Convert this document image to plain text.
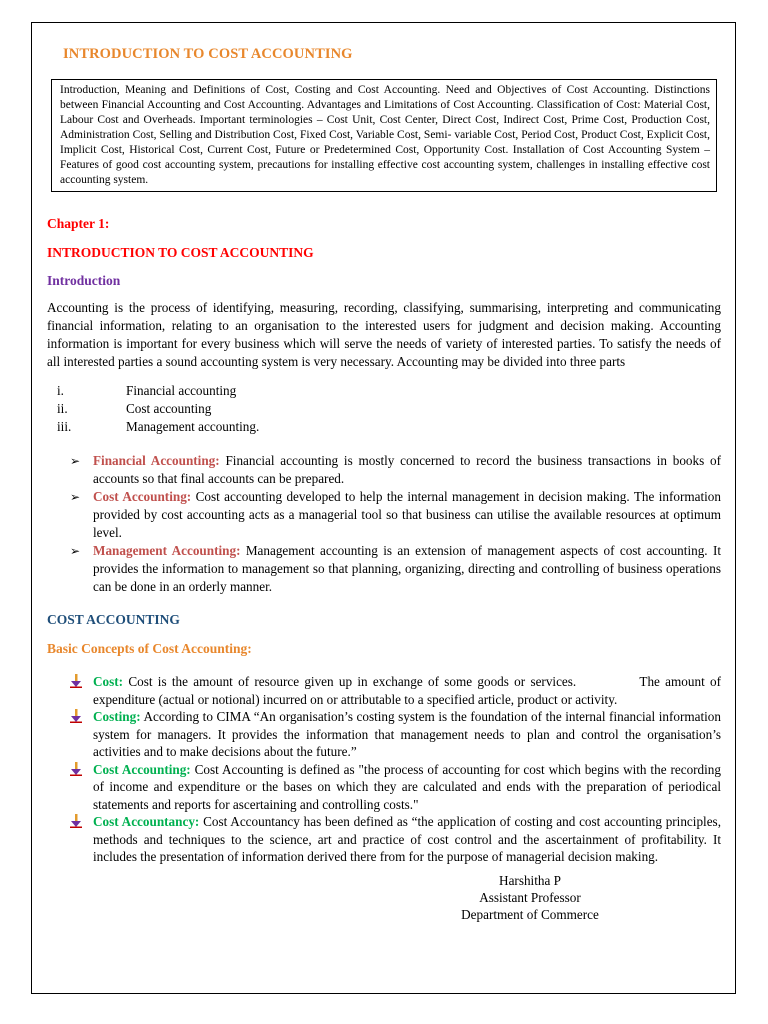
INTRODUCTION TO COST ACCOUNTING
Introduction, Meaning and Definitions of Cost, Costing and Cost Accounting. Need and Objectives of Cost Accounting. Distinctions between Financial Accounting and Cost Accounting. Advantages and Limitations of Cost Accounting. Classification of Cost: Material Cost, Labour Cost and Overheads. Important terminologies – Cost Unit, Cost Center, Direct Cost, Indirect Cost, Prime Cost, Production Cost, Administration Cost, Selling and Distribution Cost, Fixed Cost, Variable Cost, Semi- variable Cost, Period Cost, Product Cost, Explicit Cost, Implicit Cost, Historical Cost, Current Cost, Future or Predetermined Cost, Opportunity Cost. Installation of Cost Accounting System – Features of good cost accounting system, precautions for installing effective cost accounting system, challenges in installing effective cost accounting system.
Chapter 1:
INTRODUCTION TO COST ACCOUNTING
Introduction
Accounting is the process of identifying, measuring, recording, classifying, summarising, interpreting and communicating financial information, relating to an organisation to the interested users for judgment and decision making. Accounting information is important for every business which will serve the needs of variety of interested parties. To satisfy the needs of all interested parties a sound accounting system is very necessary. Accounting may be divided into three parts
i.	Financial accounting
ii.	Cost accounting
iii.	Management accounting.
➢ Financial Accounting: Financial accounting is mostly concerned to record the business transactions in books of accounts so that final accounts can be prepared.
➢ Cost Accounting: Cost accounting developed to help the internal management in decision making. The information provided by cost accounting acts as a managerial tool so that business can utilise the available resources at optimum level.
➢ Management Accounting: Management accounting is an extension of management aspects of cost accounting. It provides the information to management so that planning, organizing, directing and controlling of business operations can be done in an orderly manner.
COST ACCOUNTING
Basic Concepts of Cost Accounting:
Cost: Cost is the amount of resource given up in exchange of some goods or services.            The amount of expenditure (actual or notional) incurred on or attributable to a specified article, product or activity.
Costing: According to CIMA “An organisation’s costing system is the foundation of the internal financial information system for managers. It provides the information that management needs to plan and control the organisation’s activities and to make decisions about the future.”
Cost Accounting: Cost Accounting is defined as "the process of accounting for cost which begins with the recording of income and expenditure or the bases on which they are calculated and ends with the preparation of periodical statements and reports for ascertaining and controlling costs."
Cost Accountancy: Cost Accountancy has been defined as “the application of costing and cost accounting principles, methods and techniques to the science, art and practice of cost control and the ascertainment of profitability. It includes the presentation of information derived there from for the purpose of managerial decision making.
Harshitha P
Assistant Professor
Department of Commerce
